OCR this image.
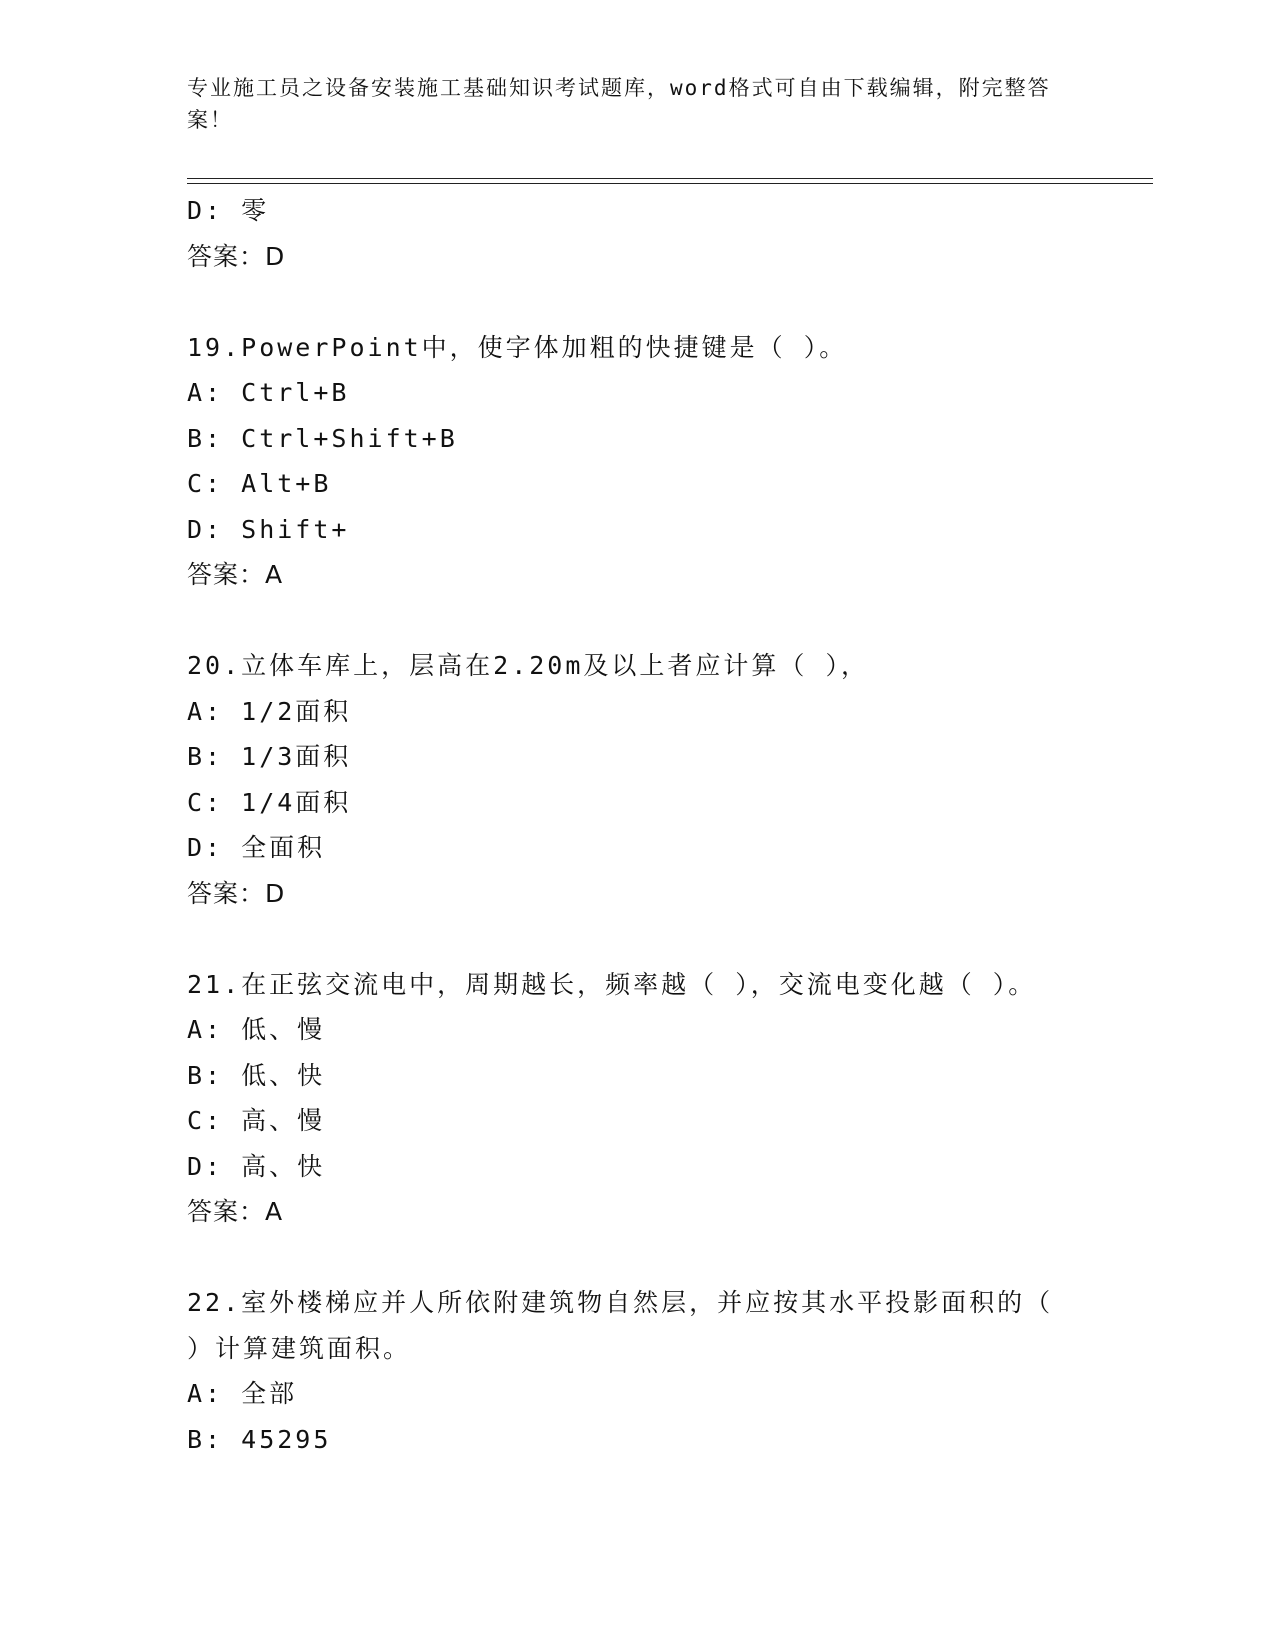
专业施工员之设备安装施工基础知识考试题库，word格式可自由下载编辑，附完整答案！
D: 零
答案：D
19.PowerPoint中，使字体加粗的快捷键是（ ）。
A: Ctrl+B
B: Ctrl+Shift+B
C: Alt+B
D: Shift+
答案：A
20.立体车库上，层高在2.20m及以上者应计算（ ），
A: 1/2面积
B: 1/3面积
C: 1/4面积
D: 全面积
答案：D
21.在正弦交流电中，周期越长，频率越（ ），交流电变化越（ ）。
A: 低、慢
B: 低、快
C: 高、慢
D: 高、快
答案：A
22.室外楼梯应并人所依附建筑物自然层，并应按其水平投影面积的（ ）计算建筑面积。
A: 全部
B: 45295
